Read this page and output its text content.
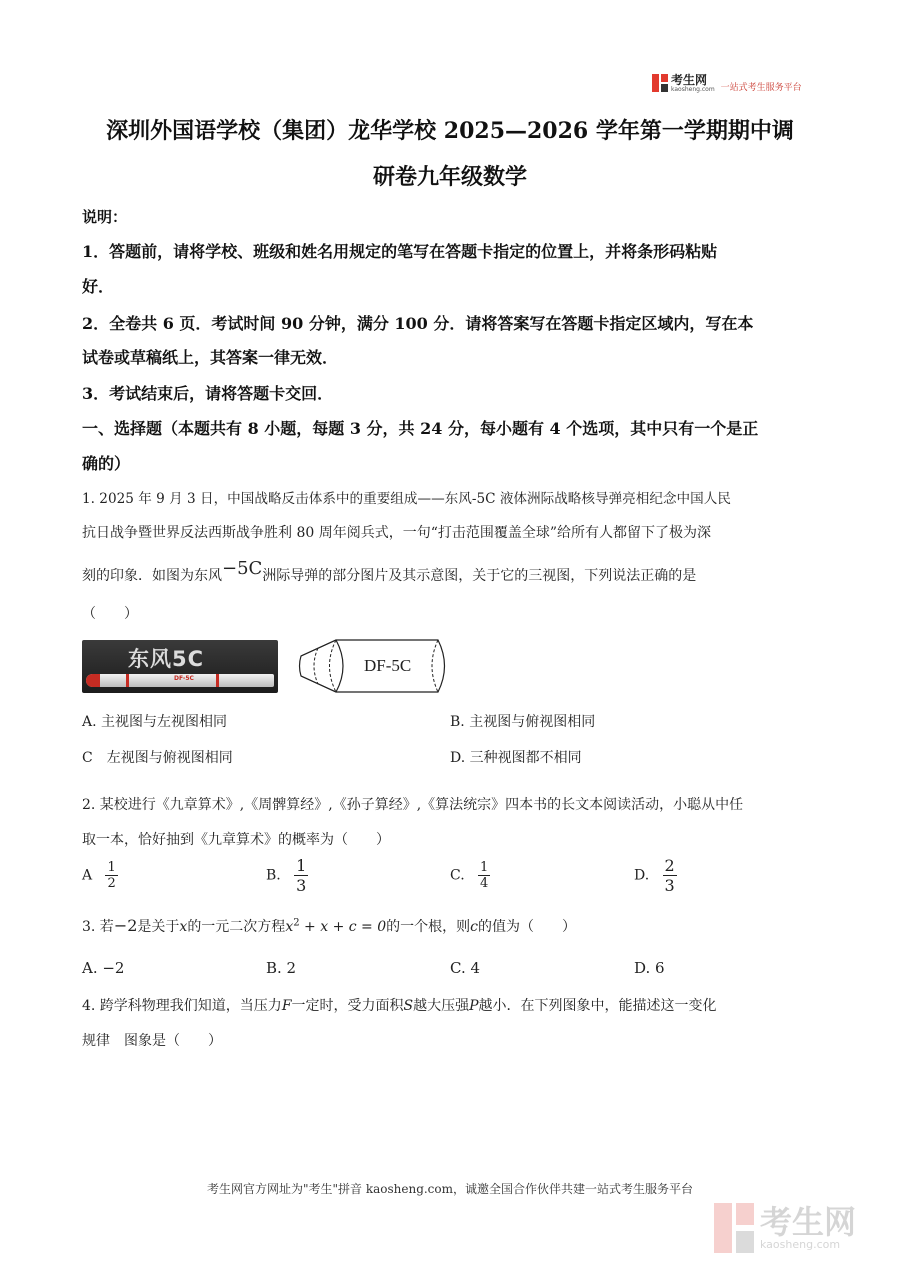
考生网
kaosheng.com 一站式考生服务平台
深圳外国语学校（集团）龙华学校 2025—2026 学年第一学期期中调
研卷九年级数学
说明：
1．答题前，请将学校、班级和姓名用规定的笔写在答题卡指定的位置上，并将条形码粘贴
好．
2．全卷共 6 页．考试时间 90 分钟，满分 100 分．请将答案写在答题卡指定区域内，写在本
试卷或草稿纸上，其答案一律无效．
3．考试结束后，请将答题卡交回．
一、选择题（本题共有 8 小题，每题 3 分，共 24 分，每小题有 4 个选项，其中只有一个是正
确的）
1. 2025 年 9 月 3 日，中国战略反击体系中的重要组成——东风-5C 液体洲际战略核导弹亮相纪念中国人民
抗日战争暨世界反法西斯战争胜利 80 周年阅兵式，一句“打击范围覆盖全球”给所有人都留下了极为深
刻的印象．如图为东风−5C洲际导弹的部分图片及其示意图，关于它的三视图，下列说法正确的是
（　　）
东风5C
DF-5C
DF-5C
A. 主视图与左视图相同	B. 主视图与俯视图相同
C　左视图与俯视图相同	D. 三种视图都不相同
2. 某校进行《九章算术》,《周髀算经》,《孙子算经》,《算法统宗》四本书的长文本阅读活动，小聪从中任
取一本，恰好抽到《九章算术》的概率为（　　）
A $\frac{1}{2}$	B. $\frac{1}{3}$	C. $\frac{1}{4}$	D. $\frac{2}{3}$
3. 若−2是关于x的一元二次方程$x^2 + x + c = 0$的一个根，则c的值为（　　）
A. −2	B. 2	C. 4	D. 6
4. 跨学科物理我们知道，当压力F一定时，受力面积S越大压强P越小．在下列图象中，能描述这一变化
规律　图象是（　　）
考生网官方网址为"考生"拼音 kaosheng.com，诚邀全国合作伙伴共建一站式考生服务平台
考生网
kaosheng.com
